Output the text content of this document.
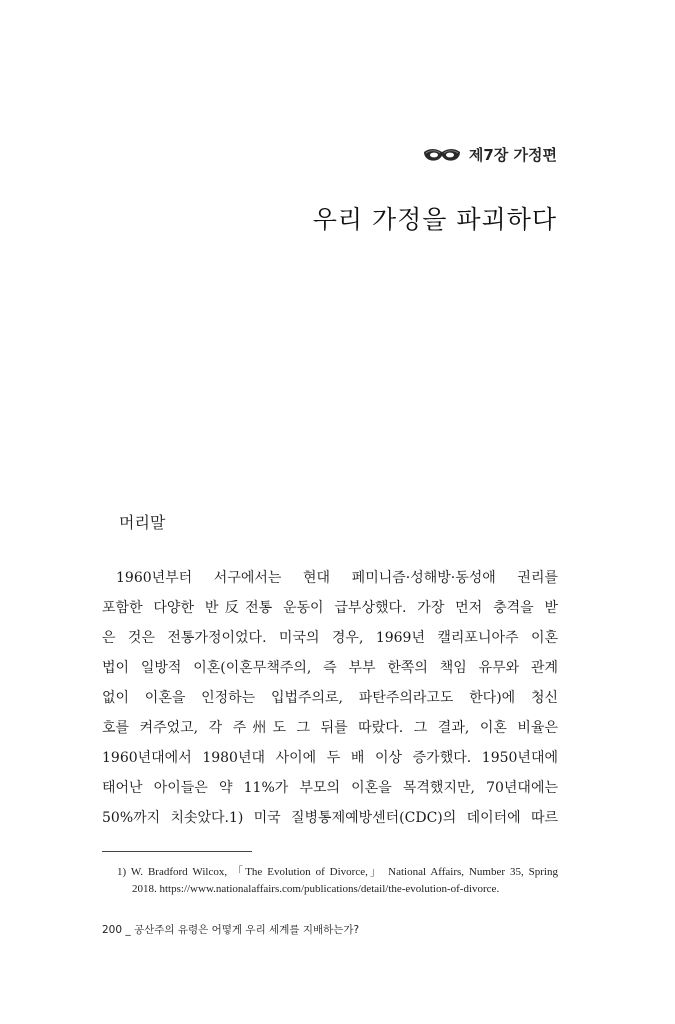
제7장 가정편
우리 가정을 파괴하다
머리말
1960년부터 서구에서는 현대 페미니즘·성해방·동성애 권리를
포함한 다양한 반反전통 운동이 급부상했다. 가장 먼저 충격을 받
은 것은 전통가정이었다. 미국의 경우, 1969년 캘리포니아주 이혼
법이 일방적 이혼(이혼무책주의, 즉 부부 한쪽의 책임 유무와 관계
없이 이혼을 인정하는 입법주의로, 파탄주의라고도 한다)에 청신
호를 켜주었고, 각 주州도 그 뒤를 따랐다. 그 결과, 이혼 비율은
1960년대에서 1980년대 사이에 두 배 이상 증가했다. 1950년대에
태어난 아이들은 약 11%가 부모의 이혼을 목격했지만, 70년대에는
50%까지 치솟았다.1) 미국 질병통제예방센터(CDC)의 데이터에 따르
1) W. Bradford Wilcox, 「The Evolution of Divorce,」 National Affairs, Number 35, Spring
2018. https://www.nationalaffairs.com/publications/detail/the-evolution-of-divorce.
200 _ 공산주의 유령은 어떻게 우리 세계를 지배하는가?
